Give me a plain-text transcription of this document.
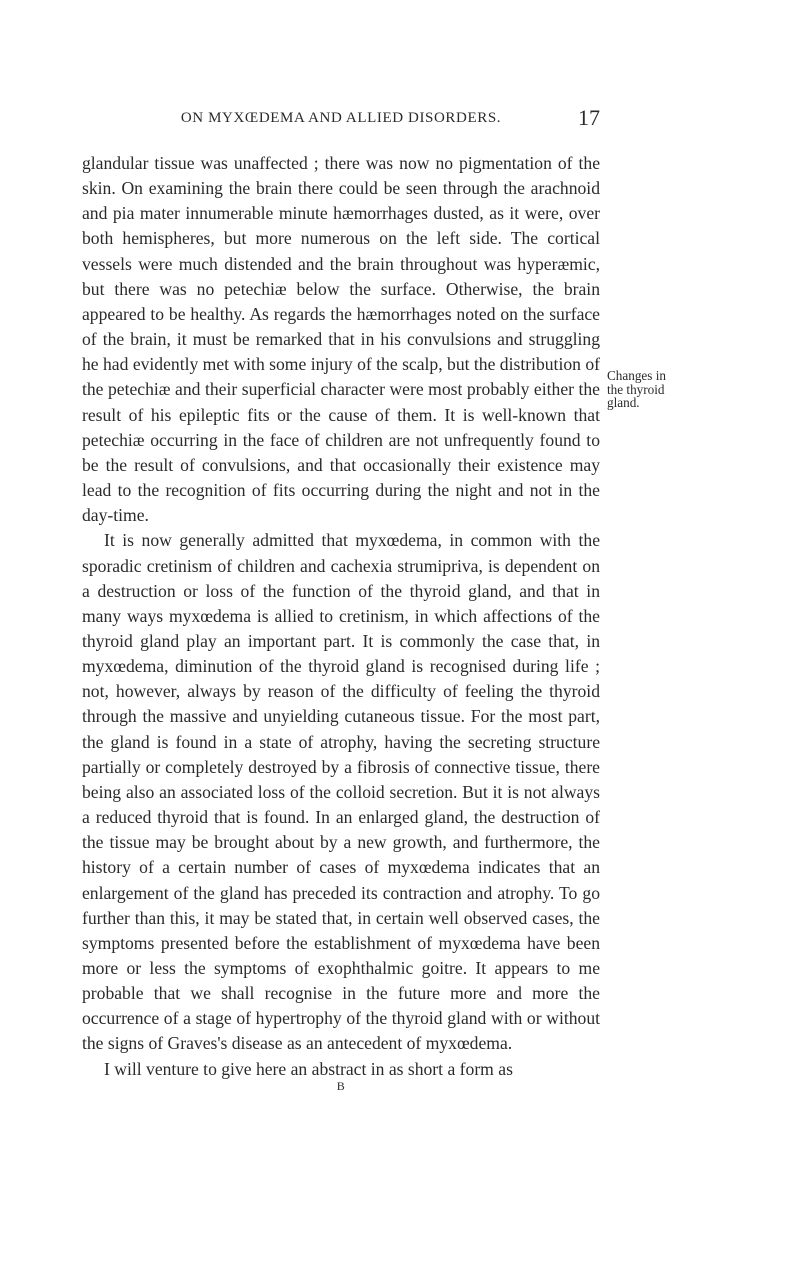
ON MYXŒDEMA AND ALLIED DISORDERS.	17

glandular tissue was unaffected ; there was now no pigmentation of the skin. On examining the brain there could be seen through the arachnoid and pia mater innumerable minute hæmorrhages dusted, as it were, over both hemispheres, but more numerous on the left side. The cortical vessels were much distended and the brain throughout was hyperæmic, but there was no petechiæ below the surface. Otherwise, the brain appeared to be healthy. As regards the hæmorrhages noted on the surface of the brain, it must be remarked that in his convulsions and struggling he had evidently met with some injury of the scalp, but the distribution of the petechiæ and their superficial character were most probably either the result of his epileptic fits or the cause of them. It is well-known that petechiæ occurring in the face of children are not unfrequently found to be the result of convulsions, and that occasionally their existence may lead to the recognition of fits occurring during the night and not in the day-time.

It is now generally admitted that myxœdema, in common with the sporadic cretinism of children and cachexia strumipriva, is dependent on a destruction or loss of the function of the thyroid gland, and that in many ways myxœdema is allied to cretinism, in which affections of the thyroid gland play an important part. It is commonly the case that, in myxœdema, diminution of the thyroid gland is recognised during life ; not, however, always by reason of the difficulty of feeling the thyroid through the massive and unyielding cutaneous tissue. For the most part, the gland is found in a state of atrophy, having the secreting structure partially or completely destroyed by a fibrosis of connective tissue, there being also an associated loss of the colloid secretion. But it is not always a reduced thyroid that is found. In an enlarged gland, the destruction of the tissue may be brought about by a new growth, and furthermore, the history of a certain number of cases of myxœdema indicates that an enlargement of the gland has preceded its contraction and atrophy. To go further than this, it may be stated that, in certain well observed cases, the symptoms presented before the establishment of myxœdema have been more or less the symptoms of exophthalmic goitre. It appears to me probable that we shall recognise in the future more and more the occurrence of a stage of hypertrophy of the thyroid gland with or without the signs of Graves's disease as an antecedent of myxœdema.

I will venture to give here an abstract in as short a form as

Changes in the thyroid gland.
B
